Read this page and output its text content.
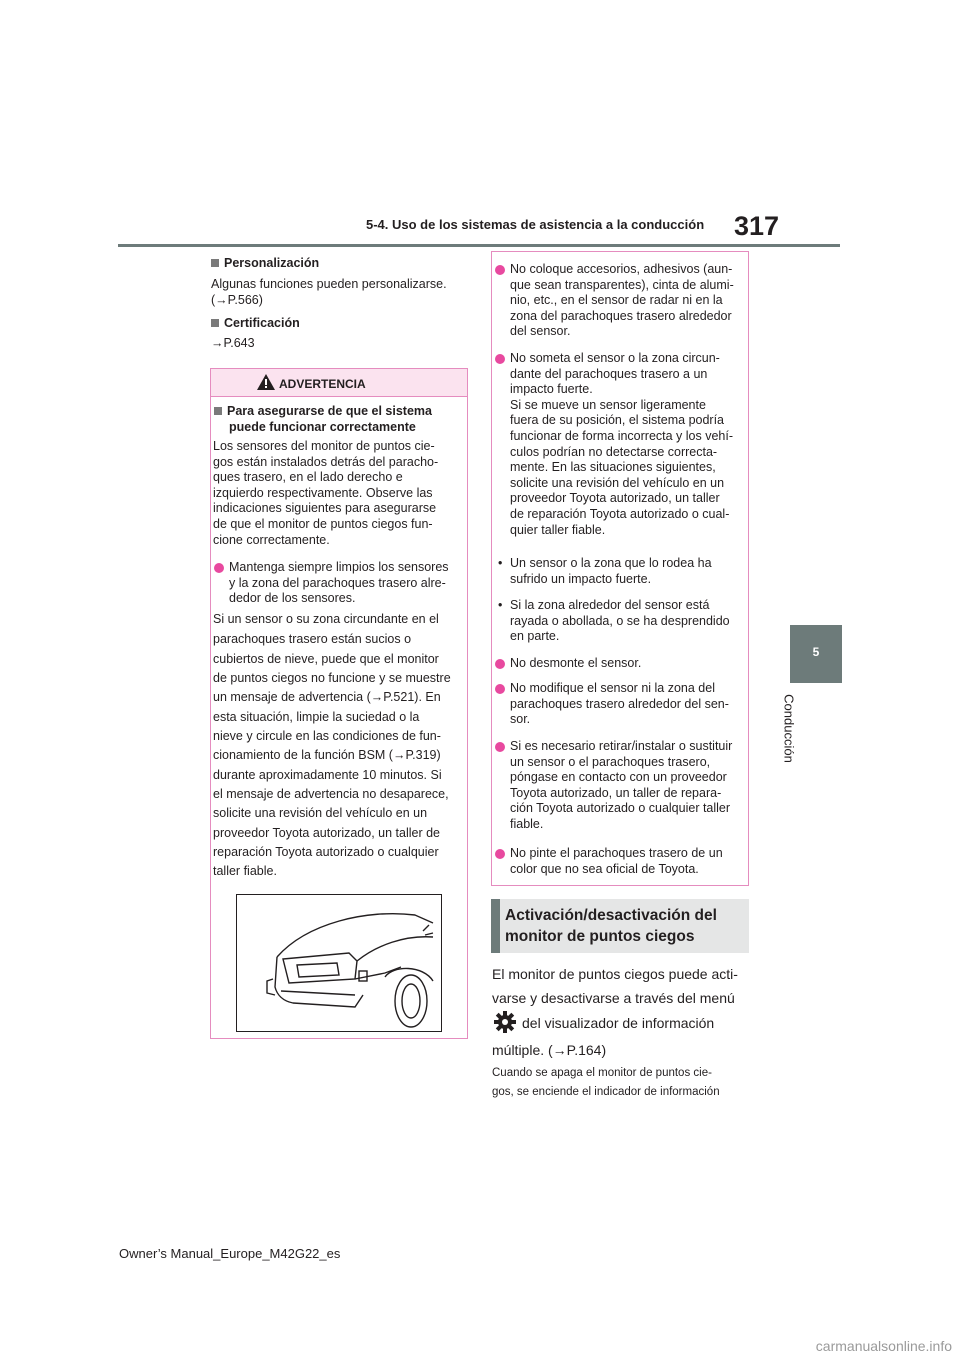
5-4. Uso de los sistemas de asistencia a la conducción 317
5
Conducción
Personalización
Algunas funciones pueden personalizarse.
(→P.566)
Certificación
→P.643
ADVERTENCIA
Para asegurarse de que el sistema
puede funcionar correctamente
Los sensores del monitor de puntos cie-
gos están instalados detrás del paracho-
ques trasero, en el lado derecho e
izquierdo respectivamente. Observe las
indicaciones siguientes para asegurarse
de que el monitor de puntos ciegos fun-
cione correctamente.
Mantenga siempre limpios los sensores
y la zona del parachoques trasero alre-
dedor de los sensores.
Si un sensor o su zona circundante en el
parachoques trasero están sucios o
cubiertos de nieve, puede que el monitor
de puntos ciegos no funcione y se muestre
un mensaje de advertencia (→P.521). En
esta situación, limpie la suciedad o la
nieve y circule en las condiciones de fun-
cionamiento de la función BSM (→P.319)
durante aproximadamente 10 minutos. Si
el mensaje de advertencia no desaparece,
solicite una revisión del vehículo en un
proveedor Toyota autorizado, un taller de
reparación Toyota autorizado o cualquier
taller fiable.
No coloque accesorios, adhesivos (aun-
que sean transparentes), cinta de alumi-
nio, etc., en el sensor de radar ni en la
zona del parachoques trasero alrededor
del sensor.
No someta el sensor o la zona circun-
dante del parachoques trasero a un
impacto fuerte.
Si se mueve un sensor ligeramente
fuera de su posición, el sistema podría
funcionar de forma incorrecta y los vehí-
culos podrían no detectarse correcta-
mente. En las situaciones siguientes,
solicite una revisión del vehículo en un
proveedor Toyota autorizado, un taller
de reparación Toyota autorizado o cual-
quier taller fiable.
• Un sensor o la zona que lo rodea ha
sufrido un impacto fuerte.
• Si la zona alrededor del sensor está
rayada o abollada, o se ha desprendido
en parte.
No desmonte el sensor.
No modifique el sensor ni la zona del
parachoques trasero alrededor del sen-
sor.
Si es necesario retirar/instalar o sustituir
un sensor o el parachoques trasero,
póngase en contacto con un proveedor
Toyota autorizado, un taller de repara-
ción Toyota autorizado o cualquier taller
fiable.
No pinte el parachoques trasero de un
color que no sea oficial de Toyota.
Activación/desactivación del
monitor de puntos ciegos
El monitor de puntos ciegos puede acti-
varse y desactivarse a través del menú
del visualizador de información
múltiple. (→P.164)
Cuando se apaga el monitor de puntos cie-
gos, se enciende el indicador de información
Owner’s Manual_Europe_M42G22_es
carmanualsonline.info
